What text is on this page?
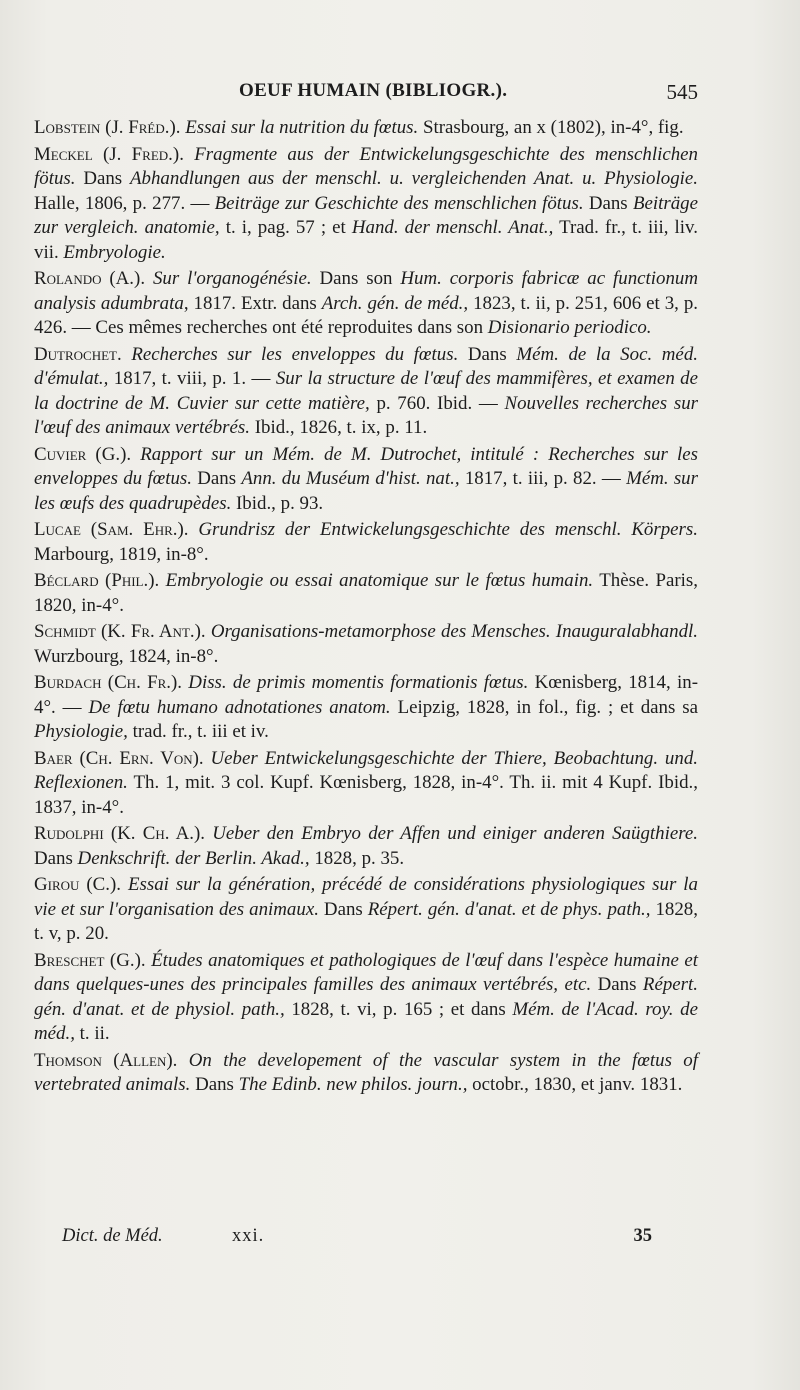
OEUF HUMAIN (BIBLIOGR.).	545

Lobstein (J. Fréd.). Essai sur la nutrition du fœtus. Strasbourg, an x (1802), in-4°, fig.

Meckel (J. Fred.). Fragmente aus der Entwickelungsgeschichte des menschlichen fötus. Dans Abhandlungen aus der menschl. u. vergleichenden Anat. u. Physiologie. Halle, 1806, p. 277. — Beiträge zur Geschichte des menschlichen fötus. Dans Beiträge zur vergleich. anatomie, t. i, pag. 57 ; et Hand. der menschl. Anat., Trad. fr., t. iii, liv. vii. Embryologie.

Rolando (A.). Sur l'organogénésie. Dans son Hum. corporis fabricæ ac functionum analysis adumbrata, 1817. Extr. dans Arch. gén. de méd., 1823, t. ii, p. 251, 606 et 3, p. 426. — Ces mêmes recherches ont été reproduites dans son Disionario periodico.

Dutrochet. Recherches sur les enveloppes du fœtus. Dans Mém. de la Soc. méd. d'émulat., 1817, t. viii, p. 1. — Sur la structure de l'œuf des mammifères, et examen de la doctrine de M. Cuvier sur cette matière, p. 760. Ibid. — Nouvelles recherches sur l'œuf des animaux vertébrés. Ibid., 1826, t. ix, p. 11.

Cuvier (G.). Rapport sur un Mém. de M. Dutrochet, intitulé : Recherches sur les enveloppes du fœtus. Dans Ann. du Muséum d'hist. nat., 1817, t. iii, p. 82. — Mém. sur les œufs des quadrupèdes. Ibid., p. 93.

Lucae (Sam. Ehr.). Grundrisz der Entwickelungsgeschichte des menschl. Körpers. Marbourg, 1819, in-8°.

Béclard (Phil.). Embryologie ou essai anatomique sur le fœtus humain. Thèse. Paris, 1820, in-4°.

Schmidt (K. Fr. Ant.). Organisations-metamorphose des Mensches. Inauguralabhandl. Wurzbourg, 1824, in-8°.

Burdach (Ch. Fr.). Diss. de primis momentis formationis fœtus. Kœnisberg, 1814, in-4°. — De fœtu humano adnotationes anatom. Leipzig, 1828, in fol., fig. ; et dans sa Physiologie, trad. fr., t. iii et iv.

Baer (Ch. Ern. Von). Ueber Entwickelungsgeschichte der Thiere, Beobachtung. und. Reflexionen. Th. 1, mit. 3 col. Kupf. Kœnisberg, 1828, in-4°. Th. ii. mit 4 Kupf. Ibid., 1837, in-4°.

Rudolphi (K. Ch. A.). Ueber den Embryo der Affen und einiger anderen Saügthiere. Dans Denkschrift. der Berlin. Akad., 1828, p. 35.

Girou (C.). Essai sur la génération, précédé de considérations physiologiques sur la vie et sur l'organisation des animaux. Dans Répert. gén. d'anat. et de phys. path., 1828, t. v, p. 20.

Breschet (G.). Études anatomiques et pathologiques de l'œuf dans l'espèce humaine et dans quelques-unes des principales familles des animaux vertébrés, etc. Dans Répert. gén. d'anat. et de physiol. path., 1828, t. vi, p. 165 ; et dans Mém. de l'Acad. roy. de méd., t. ii.

Thomson (Allen). On the developement of the vascular system in the fœtus of vertebrated animals. Dans The Edinb. new philos. journ., octobr., 1830, et janv. 1831.

Dict. de Méd.	xxi.	35
